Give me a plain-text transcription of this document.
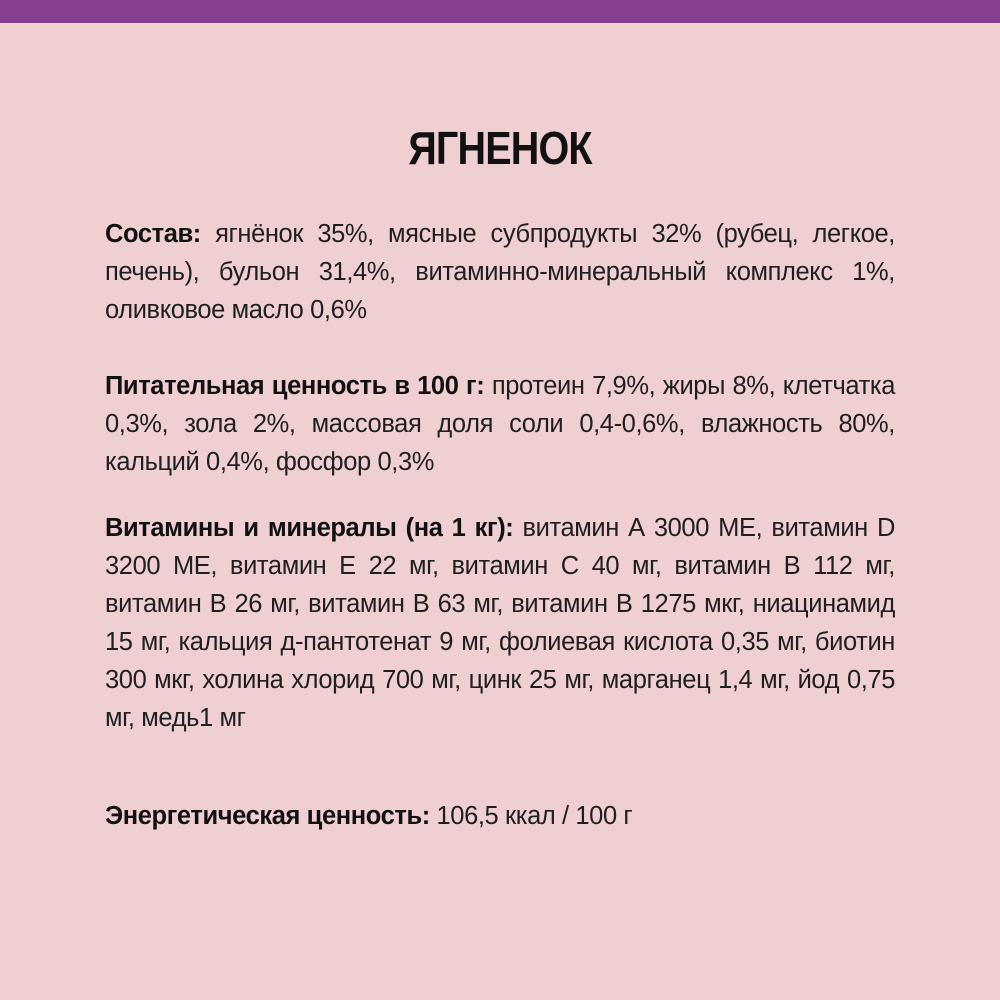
ЯГНЕНОК
Состав: ягнёнок 35%, мясные субпродукты 32% (рубец, легкое, печень), бульон 31,4%, витаминно-минеральный комплекс 1%, оливковое масло 0,6%
Питательная ценность в 100 г: протеин 7,9%, жиры 8%, клетчатка 0,3%, зола 2%, массовая доля соли 0,4-0,6%, влажность 80%, кальций 0,4%, фосфор 0,3%
Витамины и минералы (на 1 кг): витамин А 3000 МЕ, витамин D 3200 МЕ, витамин Е 22 мг, витамин С 40 мг, витамин В 112 мг, витамин В 26 мг, витамин В 63 мг, витамин В 1275 мкг, ниацинамид 15 мг, кальция д-пантотенат 9 мг, фолиевая кислота 0,35 мг, биотин 300 мкг, холина хлорид 700 мг, цинк 25 мг, марганец 1,4 мг, йод 0,75 мг, медь1 мг
Энергетическая ценность: 106,5 ккал / 100 г
